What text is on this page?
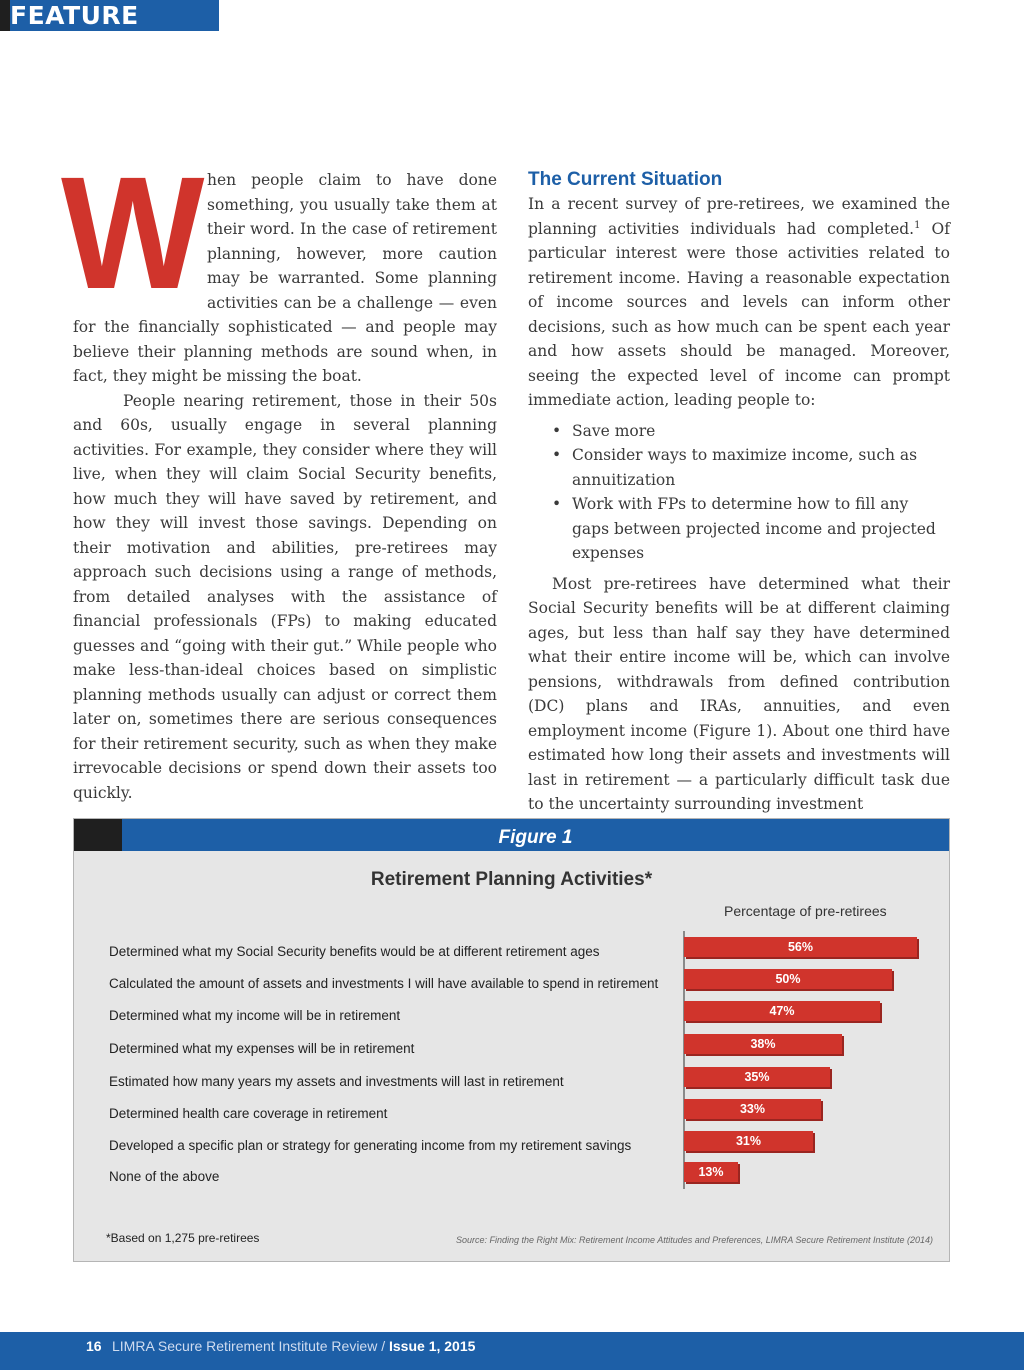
FEATURE

When people claim to have done something, you usually take them at their word. In the case of retirement planning, however, more caution may be warranted. Some planning activities can be a challenge — even for the financially sophisticated — and people may believe their planning methods are sound when, in fact, they might be missing the boat.

People nearing retirement, those in their 50s and 60s, usually engage in several planning activities. For example, they consider where they will live, when they will claim Social Security benefits, how much they will have saved by retirement, and how they will invest those savings. Depending on their motivation and abilities, pre-retirees may approach such decisions using a range of methods, from detailed analyses with the assistance of financial professionals (FPs) to making educated guesses and “going with their gut.” While people who make less-than-ideal choices based on simplistic planning methods usually can adjust or correct them later on, sometimes there are serious consequences for their retirement security, such as when they make irrevocable decisions or spend down their assets too quickly.

The Current Situation

In a recent survey of pre-retirees, we examined the planning activities individuals had completed.$^1$ Of particular interest were those activities related to retirement income. Having a reasonable expectation of income sources and levels can inform other decisions, such as how much can be spent each year and how assets should be managed. Moreover, seeing the expected level of income can prompt immediate action, leading people to:

• Save more
• Consider ways to maximize income, such as annuitization
• Work with FPs to determine how to fill any gaps between projected income and projected expenses

Most pre-retirees have determined what their Social Security benefits will be at different claiming ages, but less than half say they have determined what their entire income will be, which can involve pensions, withdrawals from defined contribution (DC) plans and IRAs, annuities, and even employment income (Figure 1). About one third have estimated how long their assets and investments will last in retirement — a particularly difficult task due to the uncertainty surrounding investment

Figure 1
Retirement Planning Activities*
Percentage of pre-retirees
Determined what my Social Security benefits would be at different retirement ages	56%
Calculated the amount of assets and investments I will have available to spend in retirement	50%
Determined what my income will be in retirement	47%
Determined what my expenses will be in retirement	38%
Estimated how many years my assets and investments will last in retirement	35%
Determined health care coverage in retirement	33%
Developed a specific plan or strategy for generating income from my retirement savings	31%
None of the above	13%
*Based on 1,275 pre-retirees	Source: Finding the Right Mix: Retirement Income Attitudes and Preferences, LIMRA Secure Retirement Institute (2014)
16 LIMRA Secure Retirement Institute Review / Issue 1, 2015
